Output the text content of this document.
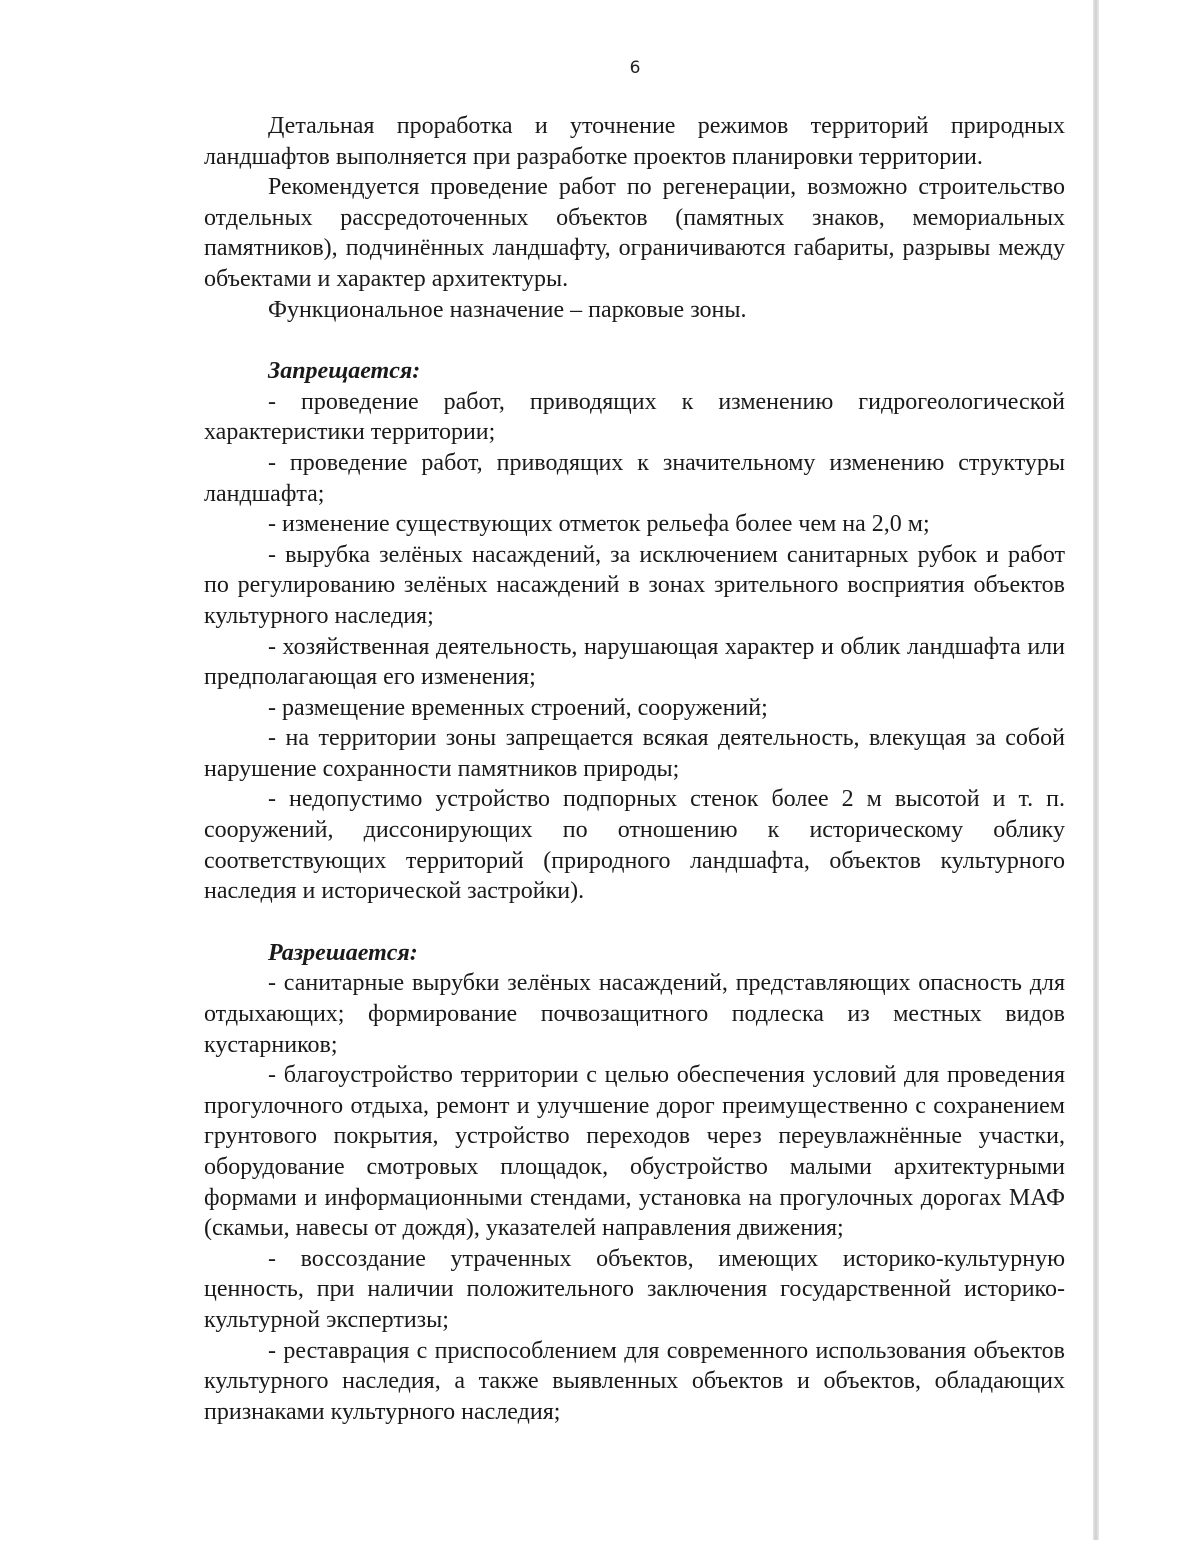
6

Детальная проработка и уточнение режимов территорий природных ландшафтов выполняется при разработке проектов планировки территории.

Рекомендуется проведение работ по регенерации, возможно строительство отдельных рассредоточенных объектов (памятных знаков, мемориальных памятников), подчинённых ландшафту, ограничиваются габариты, разрывы между объектами и характер архитектуры.

Функциональное назначение – парковые зоны.

Запрещается:

- проведение работ, приводящих к изменению гидрогеологической характеристики территории;

- проведение работ, приводящих к значительному изменению структуры ландшафта;

- изменение существующих отметок рельефа более чем на 2,0 м;

- вырубка зелёных насаждений, за исключением санитарных рубок и работ по регулированию зелёных насаждений в зонах зрительного восприятия объектов культурного наследия;

- хозяйственная деятельность, нарушающая характер и облик ландшафта или предполагающая его изменения;

- размещение временных строений, сооружений;

- на территории зоны запрещается всякая деятельность, влекущая за собой нарушение сохранности памятников природы;

- недопустимо устройство подпорных стенок более 2 м высотой и т. п. сооружений, диссонирующих по отношению к историческому облику соответствующих территорий (природного ландшафта, объектов культурного наследия и исторической застройки).

Разрешается:

- санитарные вырубки зелёных насаждений, представляющих опасность для отдыхающих; формирование почвозащитного подлеска из местных видов кустарников;

- благоустройство территории с целью обеспечения условий для проведения прогулочного отдыха, ремонт и улучшение дорог преимущественно с сохранением грунтового покрытия, устройство переходов через переувлажнённые участки, оборудование смотровых площадок, обустройство малыми архитектурными формами и информационными стендами, установка на прогулочных дорогах МАФ (скамьи, навесы от дождя), указателей направления движения;

- воссоздание утраченных объектов, имеющих историко-культурную ценность, при наличии положительного заключения государственной историко-культурной экспертизы;

- реставрация с приспособлением для современного использования объектов культурного наследия, а также выявленных объектов и объектов, обладающих признаками культурного наследия;
